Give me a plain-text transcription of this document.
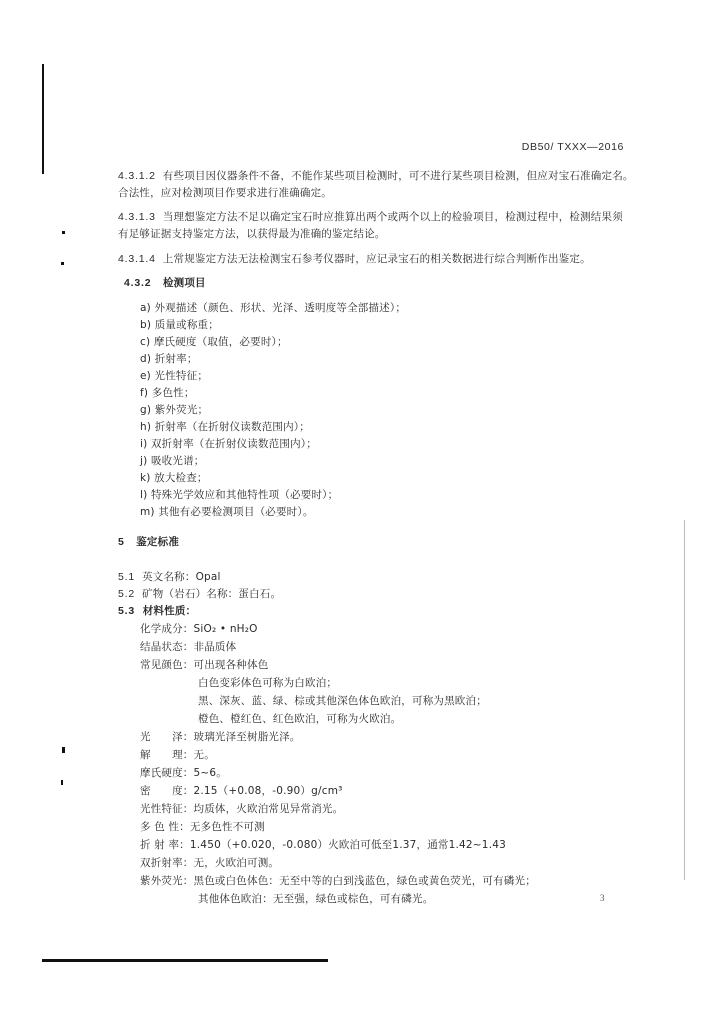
DB50/ TXXX—2016
4.3.1.2 有些项目因仪器条件不备，不能作某些项目检测时，可不进行某些项目检测，但应对宝石准确定名。
合法性，应对检测项目作要求进行准确确定。
4.3.1.3 当理想鉴定方法不足以确定宝石时应推算出两个或两个以上的检验项目，检测过程中，检测结果须
有足够证据支持鉴定方法，以获得最为准确的鉴定结论。
4.3.1.4 上常规鉴定方法无法检测宝石参考仪器时，应记录宝石的相关数据进行综合判断作出鉴定。
4.3.2 检测项目
a) 外观描述（颜色、形状、光泽、透明度等全部描述）；
b) 质量或称重；
c) 摩氏硬度（取值，必要时）；
d) 折射率；
e) 光性特征；
f) 多色性；
g) 紫外荧光；
h) 折射率（在折射仪读数范围内）；
i) 双折射率（在折射仪读数范围内）；
j) 吸收光谱；
k) 放大检查；
l) 特殊光学效应和其他特性项（必要时）；
m) 其他有必要检测项目（必要时）。
5 鉴定标准
5.1 英文名称：Opal
5.2 矿物（岩石）名称：蛋白石。
5.3 材料性质：
化学成分：SiO₂ • nH₂O
结晶状态：非晶质体
常见颜色：可出现各种体色
白色变彩体色可称为白欧泊；
黑、深灰、蓝、绿、棕或其他深色体色欧泊，可称为黑欧泊；
橙色、橙红色、红色欧泊，可称为火欧泊。
光　　泽：玻璃光泽至树脂光泽。
解　　理：无。
摩氏硬度：5~6。
密　　度：2.15（+0.08，-0.90）g/cm³
光性特征：均质体，火欧泊常见异常消光。
多 色 性：无多色性不可测
折 射 率：1.450（+0.020，-0.080）火欧泊可低至1.37，通常1.42~1.43
双折射率：无，火欧泊可测。
紫外荧光：黑色或白色体色：无至中等的白到浅蓝色，绿色或黄色荧光，可有磷光；
其他体色欧泊：无至强，绿色或棕色，可有磷光。	3
